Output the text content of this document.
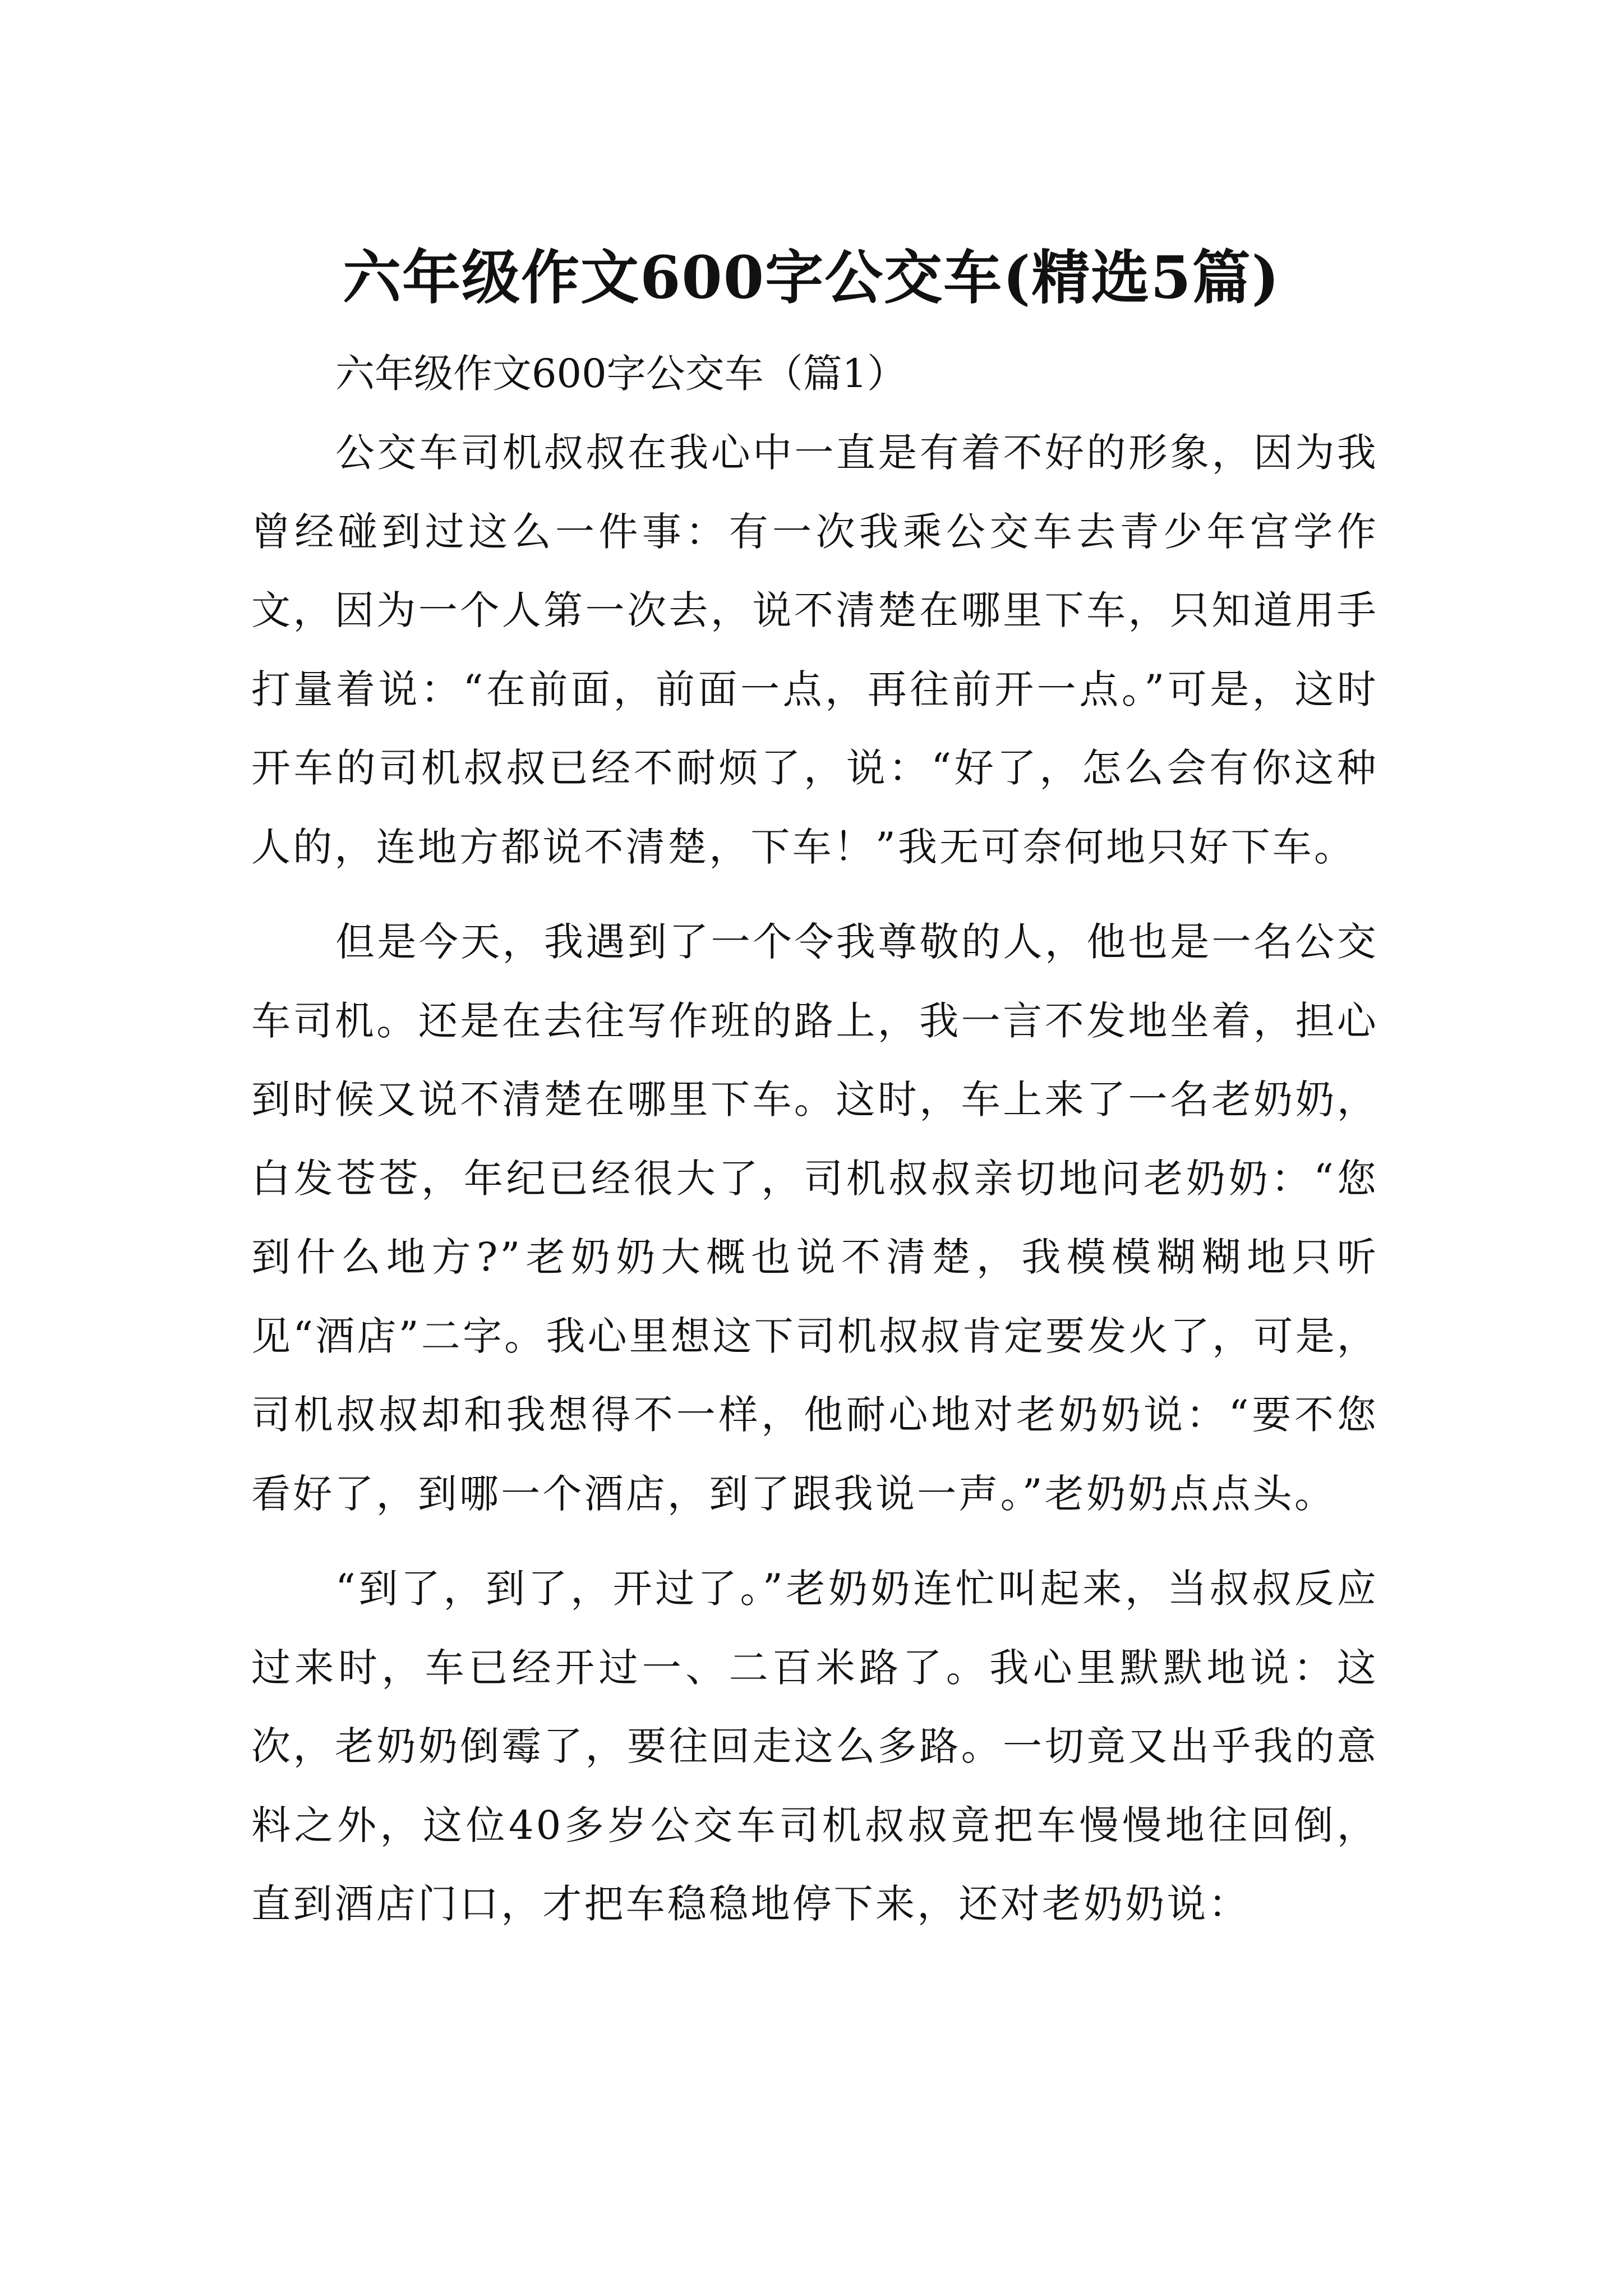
六年级作文600字公交车(精选5篇)

六年级作文600字公交车（篇1）

公交车司机叔叔在我心中一直是有着不好的形象，因为我曾经碰到过这么一件事：有一次我乘公交车去青少年宫学作文，因为一个人第一次去，说不清楚在哪里下车，只知道用手打量着说：“在前面，前面一点，再往前开一点。”可是，这时开车的司机叔叔已经不耐烦了，说：“好了，怎么会有你这种人的，连地方都说不清楚，下车！”我无可奈何地只好下车。

但是今天，我遇到了一个令我尊敬的人，他也是一名公交车司机。还是在去往写作班的路上，我一言不发地坐着，担心到时候又说不清楚在哪里下车。这时，车上来了一名老奶奶，白发苍苍，年纪已经很大了，司机叔叔亲切地问老奶奶：“您到什么地方?”老奶奶大概也说不清楚，我模模糊糊地只听见“酒店”二字。我心里想这下司机叔叔肯定要发火了，可是，司机叔叔却和我想得不一样，他耐心地对老奶奶说：“要不您看好了，到哪一个酒店，到了跟我说一声。”老奶奶点点头。

“到了，到了，开过了。”老奶奶连忙叫起来，当叔叔反应过来时，车已经开过一、二百米路了。我心里默默地说：这次，老奶奶倒霉了，要往回走这么多路。一切竟又出乎我的意料之外，这位40多岁公交车司机叔叔竟把车慢慢地往回倒，直到酒店门口，才把车稳稳地停下来，还对老奶奶说：
